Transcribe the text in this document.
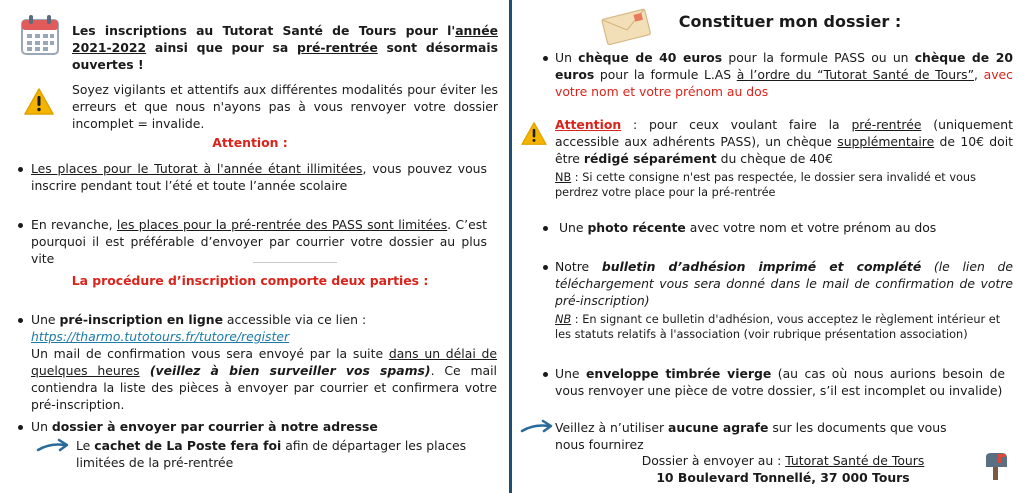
Les inscriptions au Tutorat Santé de Tours pour l'année 2021-2022 ainsi que pour sa pré-rentrée sont désormais ouvertes !
Soyez vigilants et attentifs aux différentes modalités pour éviter les erreurs et que nous n'ayons pas à vous renvoyer votre dossier incomplet = invalide.
Attention :
Les places pour le Tutorat à l'année étant illimitées, vous pouvez vous inscrire pendant tout l’été et toute l’année scolaire
En revanche, les places pour la pré-rentrée des PASS sont limitées. C’est pourquoi il est préférable d’envoyer par courrier votre dossier au plus vite
La procédure d’inscription comporte deux parties :
Une pré-inscription en ligne accessible via ce lien :
https://tharmo.tutotours.fr/tutore/register
Un mail de confirmation vous sera envoyé par la suite dans un délai de quelques heures (veillez à bien surveiller vos spams). Ce mail contiendra la liste des pièces à envoyer par courrier et confirmera votre pré-inscription.
Un dossier à envoyer par courrier à notre adresse
Le cachet de La Poste fera foi afin de départager les places limitées de la pré-rentrée
Constituer mon dossier :
Un chèque de 40 euros pour la formule PASS ou un chèque de 20 euros pour la formule L.AS à l’ordre du “Tutorat Santé de Tours”, avec votre nom et votre prénom au dos
Attention : pour ceux voulant faire la pré-rentrée (uniquement accessible aux adhérents PASS), un chèque supplémentaire de 10€ doit être rédigé séparément du chèque de 40€
NB : Si cette consigne n'est pas respectée, le dossier sera invalidé et vous perdrez votre place pour la pré-rentrée
Une photo récente avec votre nom et votre prénom au dos
Notre bulletin d’adhésion imprimé et complété (le lien de téléchargement vous sera donné dans le mail de confirmation de votre pré-inscription)
NB : En signant ce bulletin d'adhésion, vous acceptez le règlement intérieur et les statuts relatifs à l'association (voir rubrique présentation association)
Une enveloppe timbrée vierge (au cas où nous aurions besoin de vous renvoyer une pièce de votre dossier, s’il est incomplet ou invalide)
Veillez à n’utiliser aucune agrafe sur les documents que vous nous fournirez
Dossier à envoyer au : Tutorat Santé de Tours
10 Boulevard Tonnellé, 37 000 Tours
